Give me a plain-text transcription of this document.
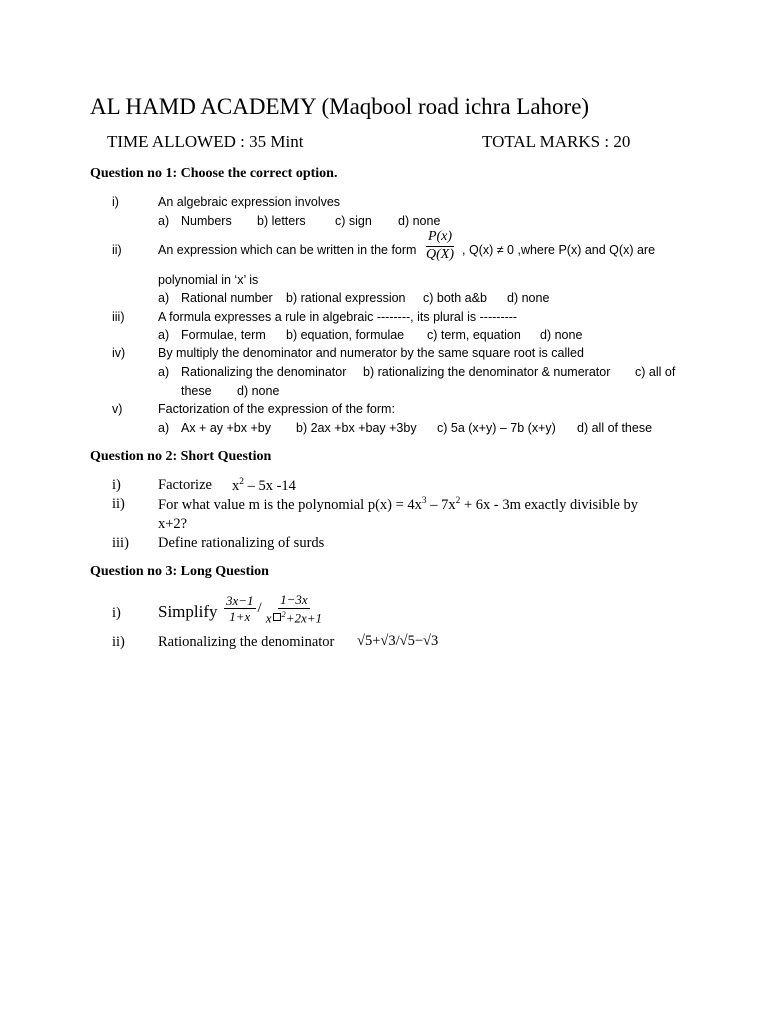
AL HAMD ACADEMY (Maqbool road ichra Lahore)
TIME ALLOWED : 35 Mint	TOTAL MARKS : 20
Question no 1: Choose the correct option.
i)	An algebraic expression involves
a) Numbers b) letters c) sign d) none
ii)	An expression which can be written in the form $\frac{P(x)}{Q(X)}$ , Q(x) ≠ 0 ,where P(x) and Q(x) are
polynomial in ‘x’ is
a) Rational number b) rational expression c) both a&b d) none
iii)	A formula expresses a rule in algebraic --------, its plural is ---------
a) Formulae, term b) equation, formulae c) term, equation d) none
iv)	By multiply the denominator and numerator by the same square root is called
a) Rationalizing the denominator b) rationalizing the denominator & numerator c) all of
these d) none
v)	Factorization of the expression of the form:
a) Ax + ay +bx +by b) 2ax +bx +bay +3by c) 5a (x+y) – 7b (x+y) d) all of these
Question no 2: Short Question
i)	Factorize $x^2 - 5x$ -14
ii) For what value m is the polynomial $p(x) = 4x^3 - 7x^2 + 6x - 3m$ exactly divisible by
x+2?
iii) Define rationalizing of surds
Question no 3: Long Question
i) Simplify $\frac{3x-1}{1+x} / \frac{1-3x}{x ^2+2x+1}$
ii) Rationalizing the denominator √5+√3/√5−√3
